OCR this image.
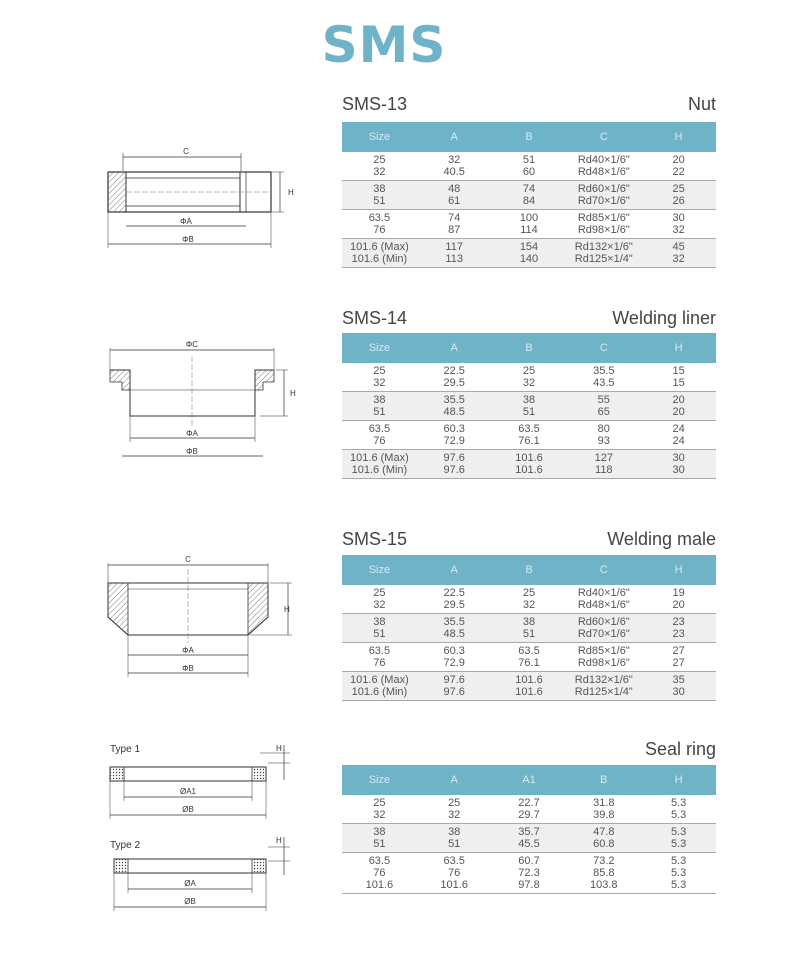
SMS
C
H
ΦA
ΦB
ΦC
H
ΦA
ΦB
C
H
ΦA
ΦB
Type 1
Type 2
H
ØA1
ØB
H
ØA
ØB
SMS-13	Nut
Size	A	B	C	H
25	32	51	Rd40×1/6"	20
32	40.5	60	Rd48×1/6"	22
38	48	74	Rd60×1/6"	25
51	61	84	Rd70×1/6"	26
63.5	74	100	Rd85×1/6"	30
76	87	114	Rd98×1/6"	32
101.6 (Max)	117	154	Rd132×1/6"	45
101.6 (Min)	113	140	Rd125×1/4"	32
SMS-14	Welding liner
Size	A	B	C	H
25	22.5	25	35.5	15
32	29.5	32	43.5	15
38	35.5	38	55	20
51	48.5	51	65	20
63.5	60.3	63.5	80	24
76	72.9	76.1	93	24
101.6 (Max)	97.6	101.6	127	30
101.6 (Min)	97.6	101.6	118	30
SMS-15	Welding male
Size	A	B	C	H
25	22.5	25	Rd40×1/6"	19
32	29.5	32	Rd48×1/6"	20
38	35.5	38	Rd60×1/6"	23
51	48.5	51	Rd70×1/6"	23
63.5	60.3	63.5	Rd85×1/6"	27
76	72.9	76.1	Rd98×1/6"	27
101.6 (Max)	97.6	101.6	Rd132×1/6"	35
101.6 (Min)	97.6	101.6	Rd125×1/4"	30
Seal ring
Size	A	A1	B	H
25	25	22.7	31.8	5.3
32	32	29.7	39.8	5.3
38	38	35.7	47.8	5.3
51	51	45.5	60.8	5.3
63.5	63.5	60.7	73.2	5.3
76	76	72.3	85.8	5.3
101.6	101.6	97.8	103.8	5.3
